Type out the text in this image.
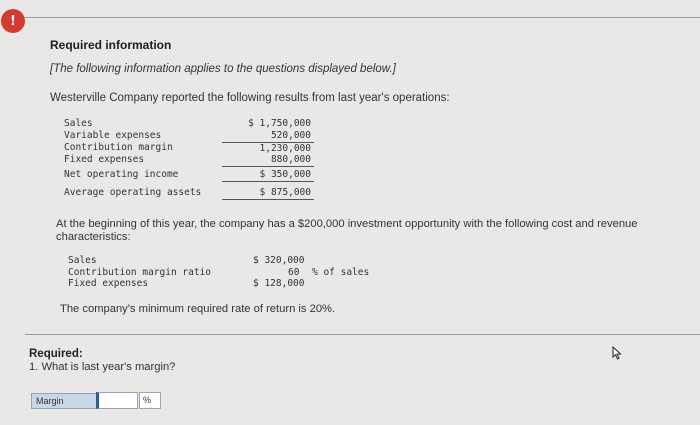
!
Required information
[The following information applies to the questions displayed below.]
Westerville Company reported the following results from last year's operations:
Sales	$ 1,750,000
Variable expenses	520,000
Contribution margin	1,230,000
Fixed expenses	880,000
Net operating income	$ 350,000
Average operating assets	$ 875,000
At the beginning of this year, the company has a $200,000 investment opportunity with the following cost and revenue characteristics:
Sales	$ 320,000
Contribution margin ratio	60 % of sales
Fixed expenses	$ 128,000
The company's minimum required rate of return is 20%.
Required:
1. What is last year's margin?
Margin	%
